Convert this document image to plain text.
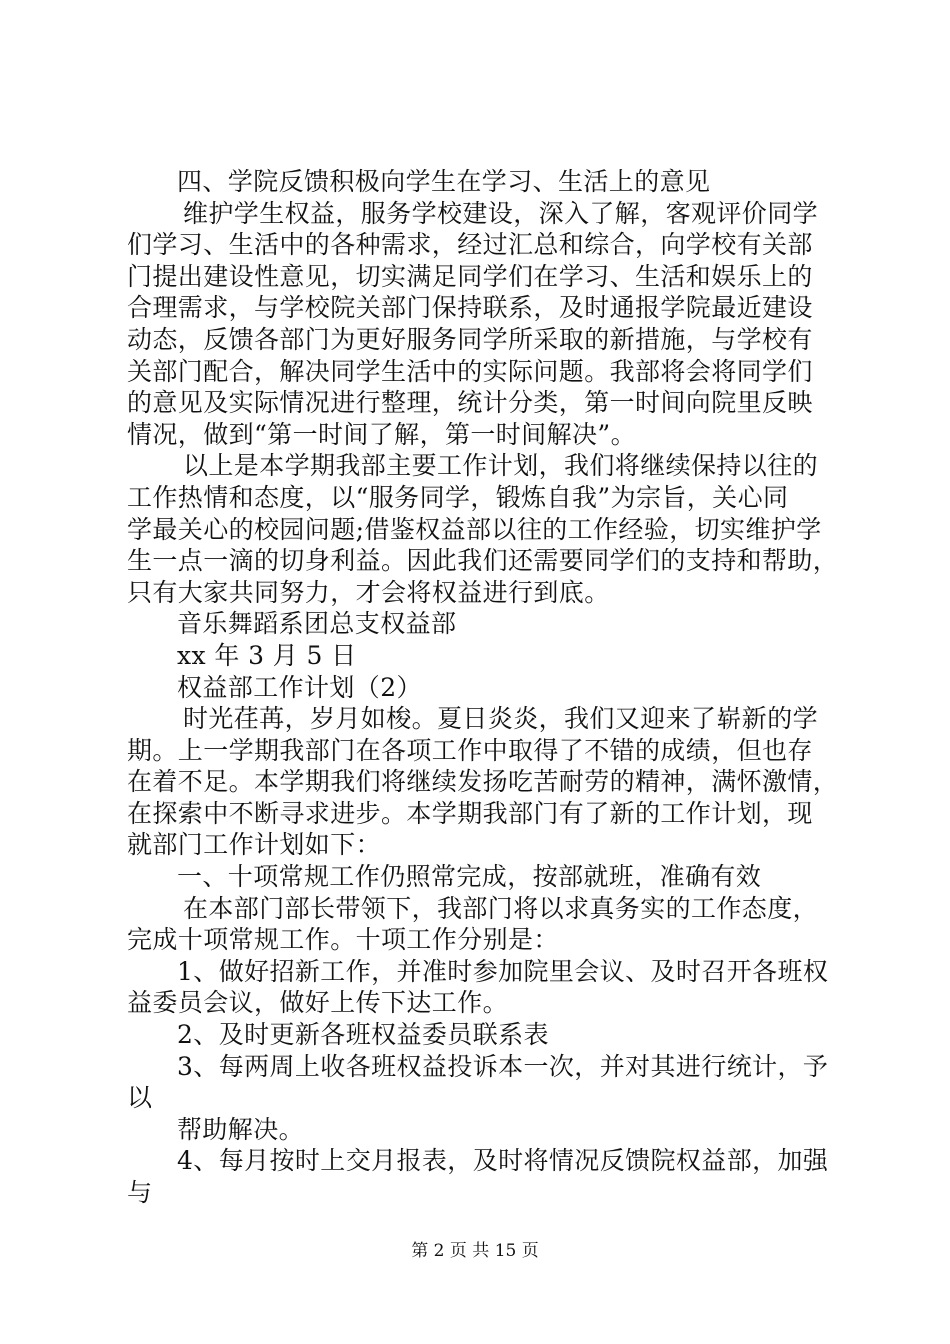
四、学院反馈积极向学生在学习、生活上的意见
维护学生权益，服务学校建设，深入了解，客观评价同学
们学习、生活中的各种需求，经过汇总和综合，向学校有关部
门提出建设性意见，切实满足同学们在学习、生活和娱乐上的
合理需求，与学校院关部门保持联系，及时通报学院最近建设
动态，反馈各部门为更好服务同学所采取的新措施，与学校有
关部门配合，解决同学生活中的实际问题。我部将会将同学们
的意见及实际情况进行整理，统计分类，第一时间向院里反映
情况，做到“第一时间了解，第一时间解决”。
以上是本学期我部主要工作计划，我们将继续保持以往的
工作热情和态度，以“服务同学，锻炼自我”为宗旨，关心同
学最关心的校园问题;借鉴权益部以往的工作经验，切实维护学
生一点一滴的切身利益。因此我们还需要同学们的支持和帮助，
只有大家共同努力，才会将权益进行到底。
音乐舞蹈系团总支权益部
xx 年 3 月 5 日
权益部工作计划（2）
时光荏苒，岁月如梭。夏日炎炎，我们又迎来了崭新的学
期。上一学期我部门在各项工作中取得了不错的成绩，但也存
在着不足。本学期我们将继续发扬吃苦耐劳的精神，满怀激情，
在探索中不断寻求进步。本学期我部门有了新的工作计划，现
就部门工作计划如下：
一、十项常规工作仍照常完成，按部就班，准确有效
在本部门部长带领下，我部门将以求真务实的工作态度，
完成十项常规工作。十项工作分别是：
1、做好招新工作，并准时参加院里会议、及时召开各班权
益委员会议，做好上传下达工作。
2、及时更新各班权益委员联系表
3、每两周上收各班权益投诉本一次，并对其进行统计，予
以
帮助解决。
4、每月按时上交月报表，及时将情况反馈院权益部，加强
与
第 2 页 共 15 页
